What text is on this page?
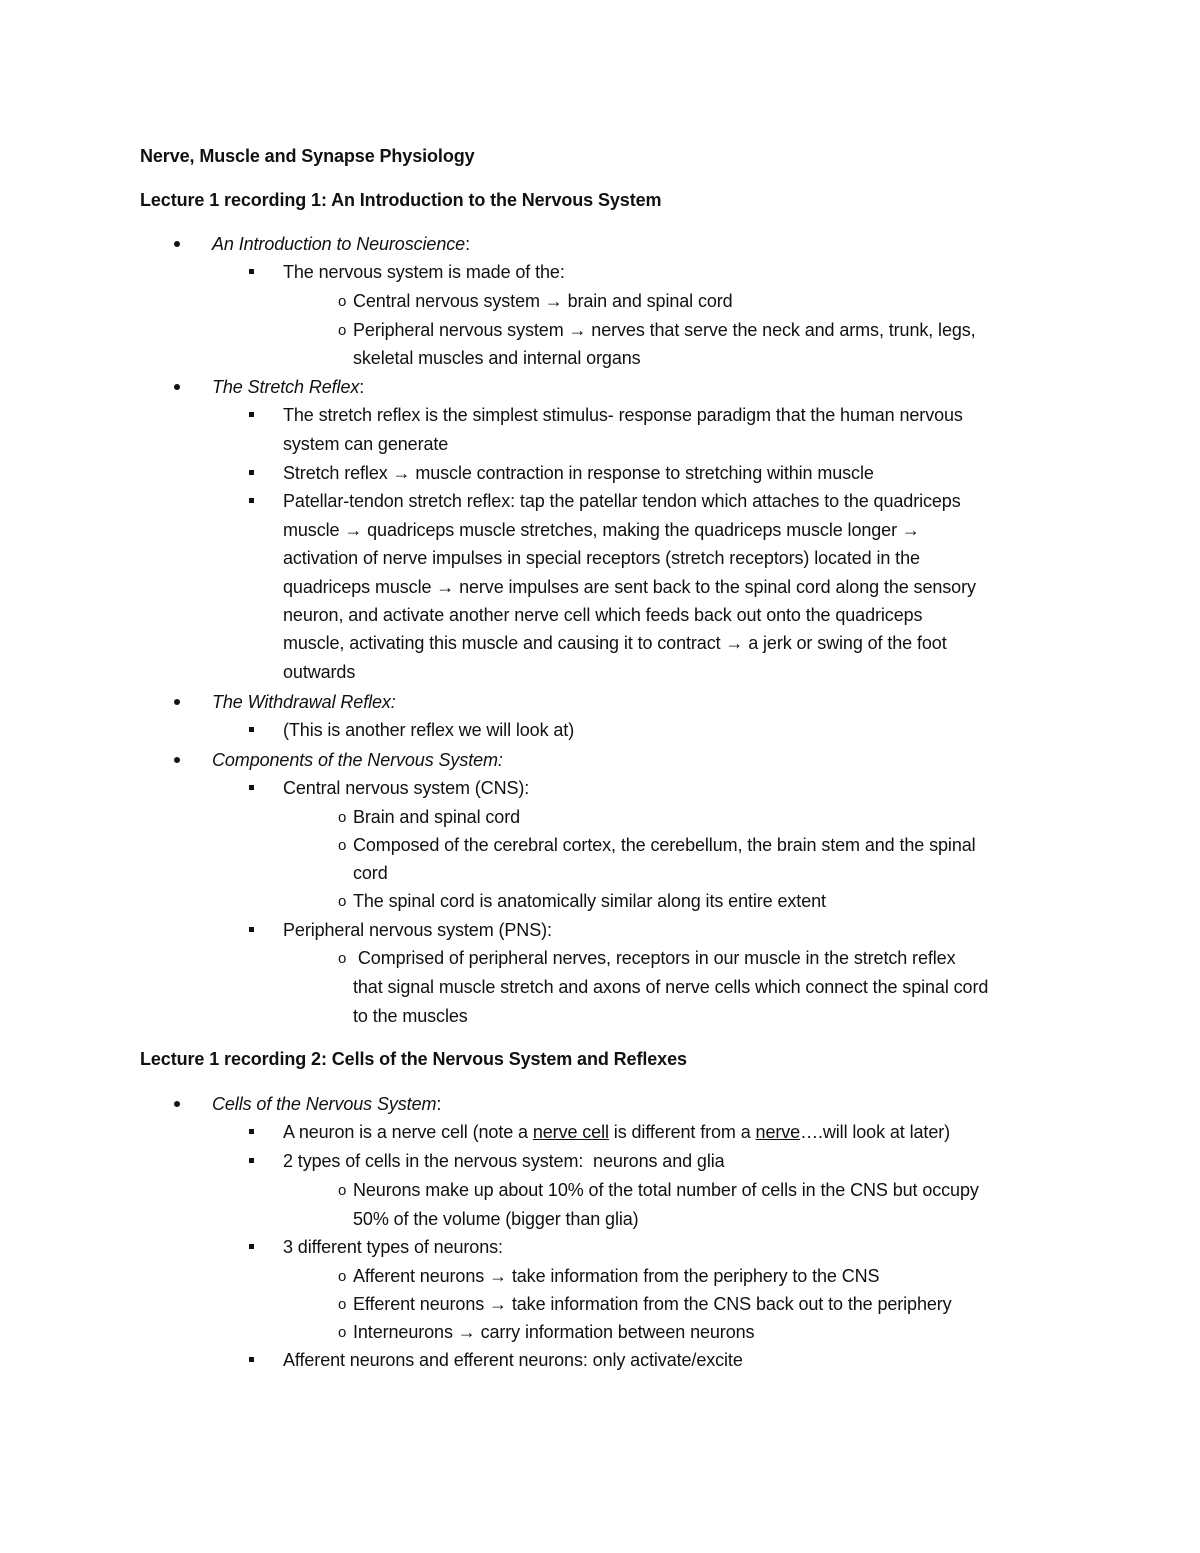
Nerve, Muscle and Synapse Physiology
Lecture 1 recording 1: An Introduction to the Nervous System
An Introduction to Neuroscience:
The nervous system is made of the:
o Central nervous system → brain and spinal cord
o Peripheral nervous system → nerves that serve the neck and arms, trunk, legs,
skeletal muscles and internal organs
The Stretch Reflex:
The stretch reflex is the simplest stimulus- response paradigm that the human nervous
system can generate
Stretch reflex → muscle contraction in response to stretching within muscle
Patellar-tendon stretch reflex: tap the patellar tendon which attaches to the quadriceps
muscle → quadriceps muscle stretches, making the quadriceps muscle longer →
activation of nerve impulses in special receptors (stretch receptors) located in the
quadriceps muscle → nerve impulses are sent back to the spinal cord along the sensory
neuron, and activate another nerve cell which feeds back out onto the quadriceps
muscle, activating this muscle and causing it to contract → a jerk or swing of the foot
outwards
The Withdrawal Reflex:
(This is another reflex we will look at)
Components of the Nervous System:
Central nervous system (CNS):
o Brain and spinal cord
o Composed of the cerebral cortex, the cerebellum, the brain stem and the spinal
cord
o The spinal cord is anatomically similar along its entire extent
Peripheral nervous system (PNS):
o Comprised of peripheral nerves, receptors in our muscle in the stretch reflex
that signal muscle stretch and axons of nerve cells which connect the spinal cord
to the muscles
Lecture 1 recording 2: Cells of the Nervous System and Reflexes
Cells of the Nervous System:
A neuron is a nerve cell (note a nerve cell is different from a nerve….will look at later)
2 types of cells in the nervous system:  neurons and glia
o Neurons make up about 10% of the total number of cells in the CNS but occupy
50% of the volume (bigger than glia)
3 different types of neurons:
o Afferent neurons → take information from the periphery to the CNS
o Efferent neurons → take information from the CNS back out to the periphery
o Interneurons → carry information between neurons
Afferent neurons and efferent neurons: only activate/excite
